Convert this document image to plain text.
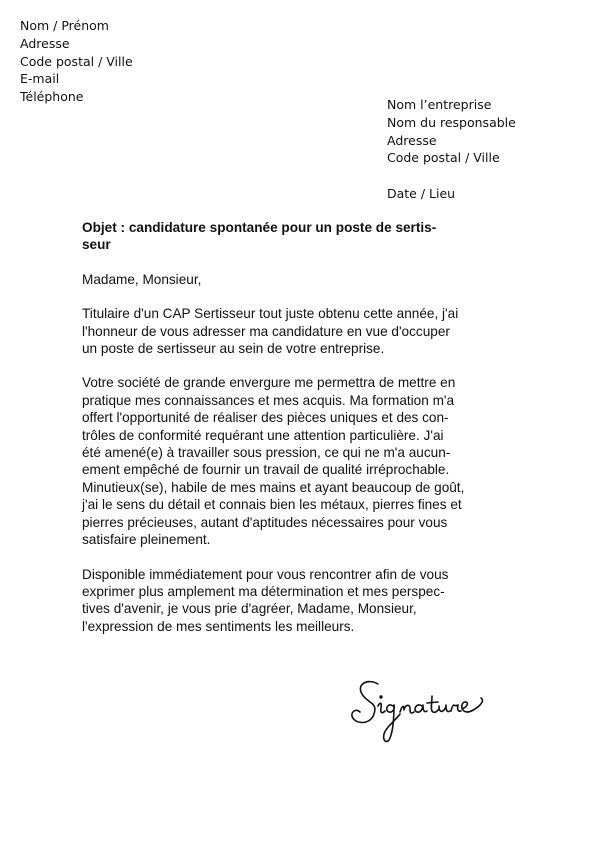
Nom / Prénom
Adresse
Code postal / Ville
E-mail
Téléphone
Nom l’entreprise
Nom du responsable
Adresse
Code postal / Ville
Date / Lieu
Objet : candidature spontanée pour un poste de sertis-
seur
Madame, Monsieur,
Titulaire d'un CAP Sertisseur tout juste obtenu cette année, j'ai
l'honneur de vous adresser ma candidature en vue d'occuper
un poste de sertisseur au sein de votre entreprise.
Votre société de grande envergure me permettra de mettre en
pratique mes connaissances et mes acquis. Ma formation m'a
offert l'opportunité de réaliser des pièces uniques et des con-
trôles de conformité requérant une attention particulière. J'ai
été amené(e) à travailler sous pression, ce qui ne m'a aucun-
ement empêché de fournir un travail de qualité irréprochable.
Minutieux(se), habile de mes mains et ayant beaucoup de goût,
j'ai le sens du détail et connais bien les métaux, pierres fines et
pierres précieuses, autant d'aptitudes nécessaires pour vous
satisfaire pleinement.
Disponible immédiatement pour vous rencontrer afin de vous
exprimer plus amplement ma détermination et mes perspec-
tives d'avenir, je vous prie d'agréer, Madame, Monsieur,
l'expression de mes sentiments les meilleurs.
